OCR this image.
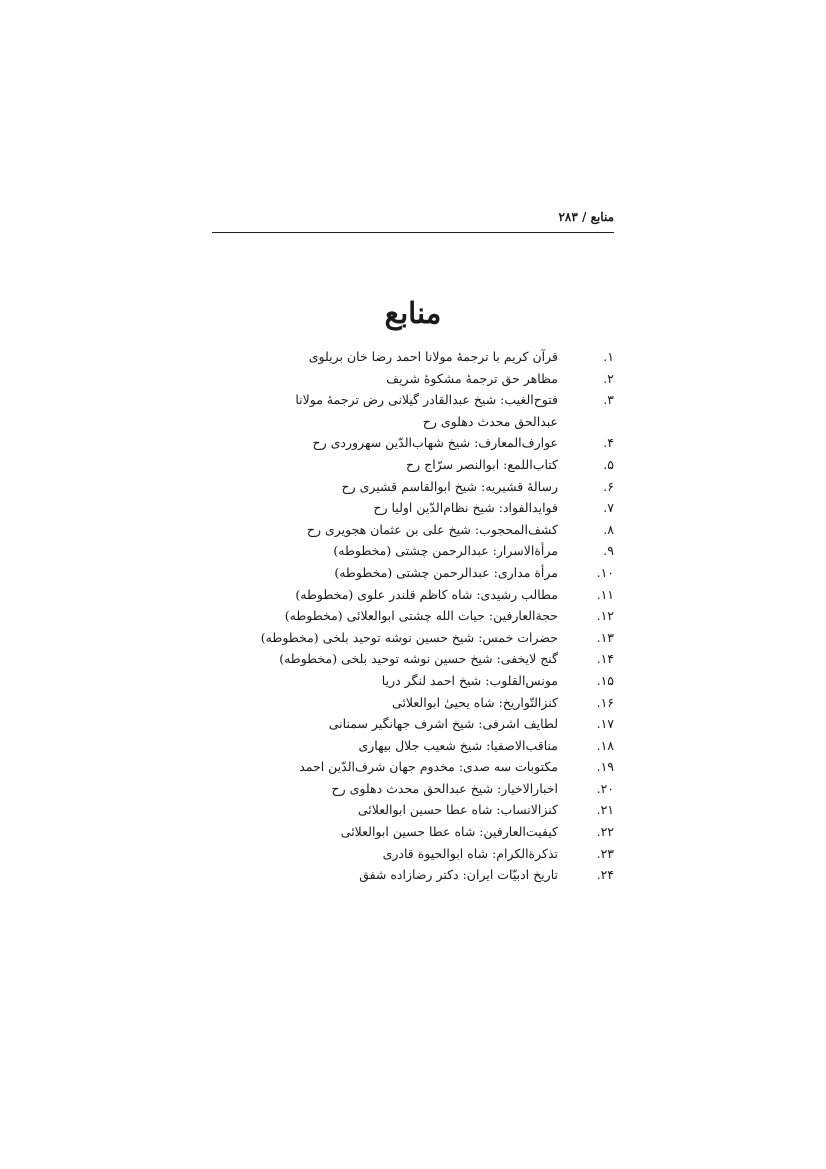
منابع / ۲۸۳
منابع
۱.
قرآن کریم با ترجمۀ مولانا احمد رضا خان بریلوی
۲.
مظاهر حق ترجمۀ مشکوۀ شریف
۳.
فتوح‌الغیب: شیخ عبدالقادر گیلانی رض ترجمۀ مولانا عبدالحق محدث دهلوی رح
۴.
عوارف‌المعارف: شیخ شهاب‌الدّین سهروردی رح
۵.
کتاب‌اللمع: ابوالنصر سرّاج رح
۶.
رسالۀ قشیریه: شیخ ابوالقاسم قشیری رح
۷.
فوایدالفواد: شیخ نظام‌الدّین اولیا رح
۸.
کشف‌المحجوب: شیخ علی بن عثمان هجویری رح
۹.
مرأة‌الاسرار: عبدالرحمن چشتی (مخطوطه)
۱۰.
مرأة مداری: عبدالرحمن چشتی (مخطوطه)
۱۱.
مطالب رشیدی: شاه کاظم قلندر علوی (مخطوطه)
۱۲.
حجة‌العارفین: حیات الله چشتی ابوالعلائی (مخطوطه)
۱۳.
حضرات خمس: شیخ حسین نوشه توحید بلخی (مخطوطه)
۱۴.
گنج لایخفی: شیخ حسین نوشه توحید بلخی (مخطوطه)
۱۵.
مونس‌القلوب: شیخ احمد لنگر دریا
۱۶.
کنزالتّواریخ: شاه یحییٰ ابوالعلائی
۱۷.
لطایف اشرفی: شیخ اشرف جهانگیر سمنانی
۱۸.
مناقب‌الاصفیا: شیخ شعیب جلال بیهاری
۱۹.
مکتوبات سه صدی: مخدوم جهان شرف‌الدّین احمد
۲۰.
اخبارالاخیار: شیخ عبدالحق محدث دهلوی رح
۲۱.
کنزالانساب: شاه عطا حسین ابوالعلائی
۲۲.
کیفیت‌العارفین: شاه عطا حسین ابوالعلائی
۲۳.
تذکرة‌الکرام: شاه ابوالحیوة قادری
۲۴.
تاریخ ادبیّات ایران: دکتر رضازاده شفق
